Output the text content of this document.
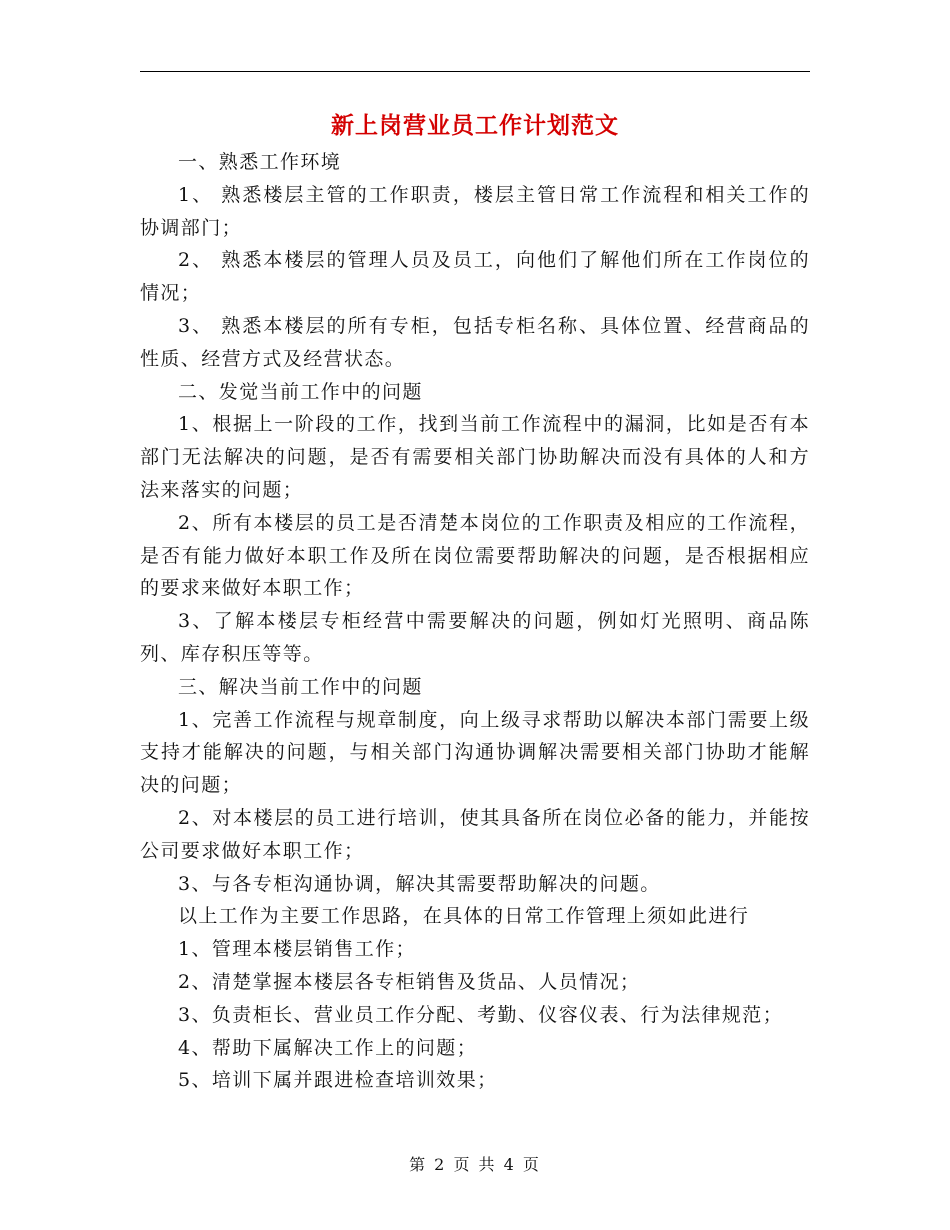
新上岗营业员工作计划范文

一、熟悉工作环境

1、 熟悉楼层主管的工作职责，楼层主管日常工作流程和相关工作的协调部门；

2、 熟悉本楼层的管理人员及员工，向他们了解他们所在工作岗位的情况；

3、 熟悉本楼层的所有专柜，包括专柜名称、具体位置、经营商品的性质、经营方式及经营状态。

二、发觉当前工作中的问题

1、根据上一阶段的工作，找到当前工作流程中的漏洞，比如是否有本部门无法解决的问题，是否有需要相关部门协助解决而没有具体的人和方法来落实的问题；

2、所有本楼层的员工是否清楚本岗位的工作职责及相应的工作流程，是否有能力做好本职工作及所在岗位需要帮助解决的问题，是否根据相应的要求来做好本职工作；

3、了解本楼层专柜经营中需要解决的问题，例如灯光照明、商品陈列、库存积压等等。

三、解决当前工作中的问题

1、完善工作流程与规章制度，向上级寻求帮助以解决本部门需要上级支持才能解决的问题，与相关部门沟通协调解决需要相关部门协助才能解决的问题；

2、对本楼层的员工进行培训，使其具备所在岗位必备的能力，并能按公司要求做好本职工作；

3、与各专柜沟通协调，解决其需要帮助解决的问题。

以上工作为主要工作思路，在具体的日常工作管理上须如此进行

1、管理本楼层销售工作；

2、清楚掌握本楼层各专柜销售及货品、人员情况；

3、负责柜长、营业员工作分配、考勤、仪容仪表、行为法律规范；

4、帮助下属解决工作上的问题；

5、培训下属并跟进检查培训效果；

第 2 页 共 4 页
